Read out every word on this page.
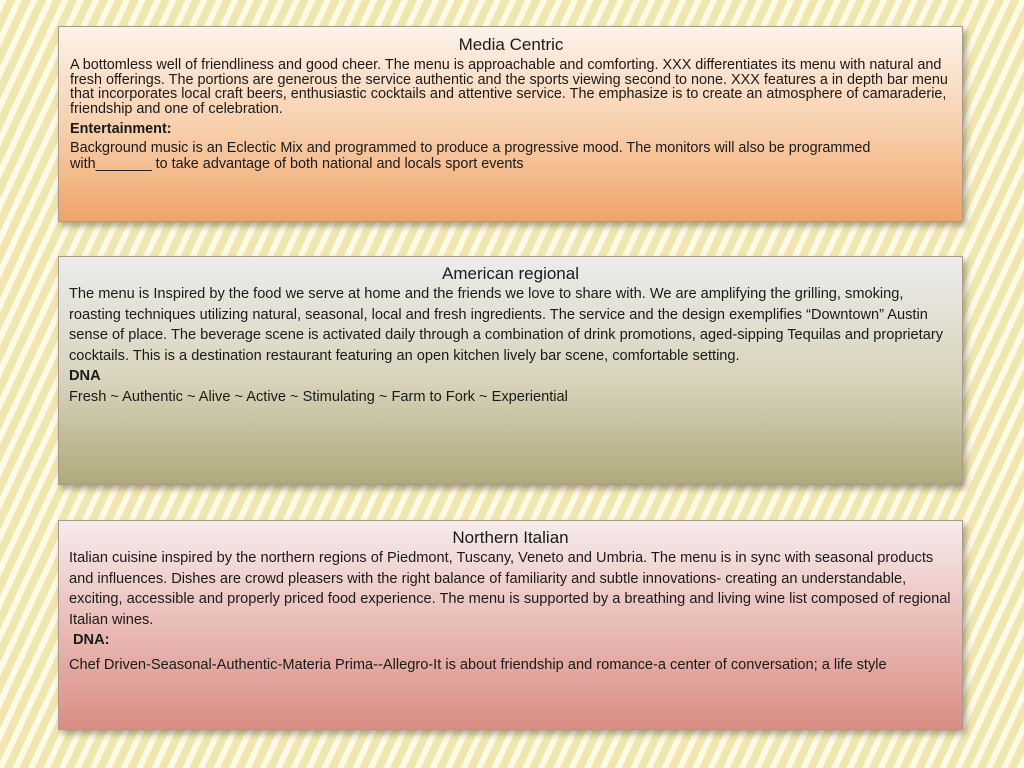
Media Centric

A bottomless well of friendliness and good cheer. The menu is approachable and comforting. XXX differentiates its menu with natural and fresh offerings. The portions are generous the service authentic and the sports viewing second to none. XXX features a in depth bar menu that incorporates local craft beers, enthusiastic cocktails and attentive service. The emphasize is to create an atmosphere of camaraderie, friendship and one of celebration.

Entertainment:

Background music is an Eclectic Mix and programmed to produce a progressive mood. The monitors will also be programmed with_______ to take advantage of both national and locals sport events

American regional

The menu is Inspired by the food we serve at home and the friends we love to share with. We are amplifying the grilling, smoking, roasting techniques utilizing natural, seasonal, local and fresh ingredients. The service and the design exemplifies “Downtown” Austin sense of place. The beverage scene is activated daily through a combination of drink promotions, aged-sipping Tequilas and proprietary cocktails. This is a destination restaurant featuring an open kitchen lively bar scene, comfortable setting.

DNA

Fresh ~ Authentic ~ Alive ~ Active ~ Stimulating ~ Farm to Fork ~ Experiential

Northern Italian

Italian cuisine inspired by the northern regions of Piedmont, Tuscany, Veneto and Umbria. The menu is in sync with seasonal products and influences. Dishes are crowd pleasers with the right balance of familiarity and subtle innovations- creating an understandable, exciting, accessible and properly priced food experience. The menu is supported by a breathing and living wine list composed of regional Italian wines.

DNA:

Chef Driven-Seasonal-Authentic-Materia Prima--Allegro-It is about friendship and romance-a center of conversation; a life style
